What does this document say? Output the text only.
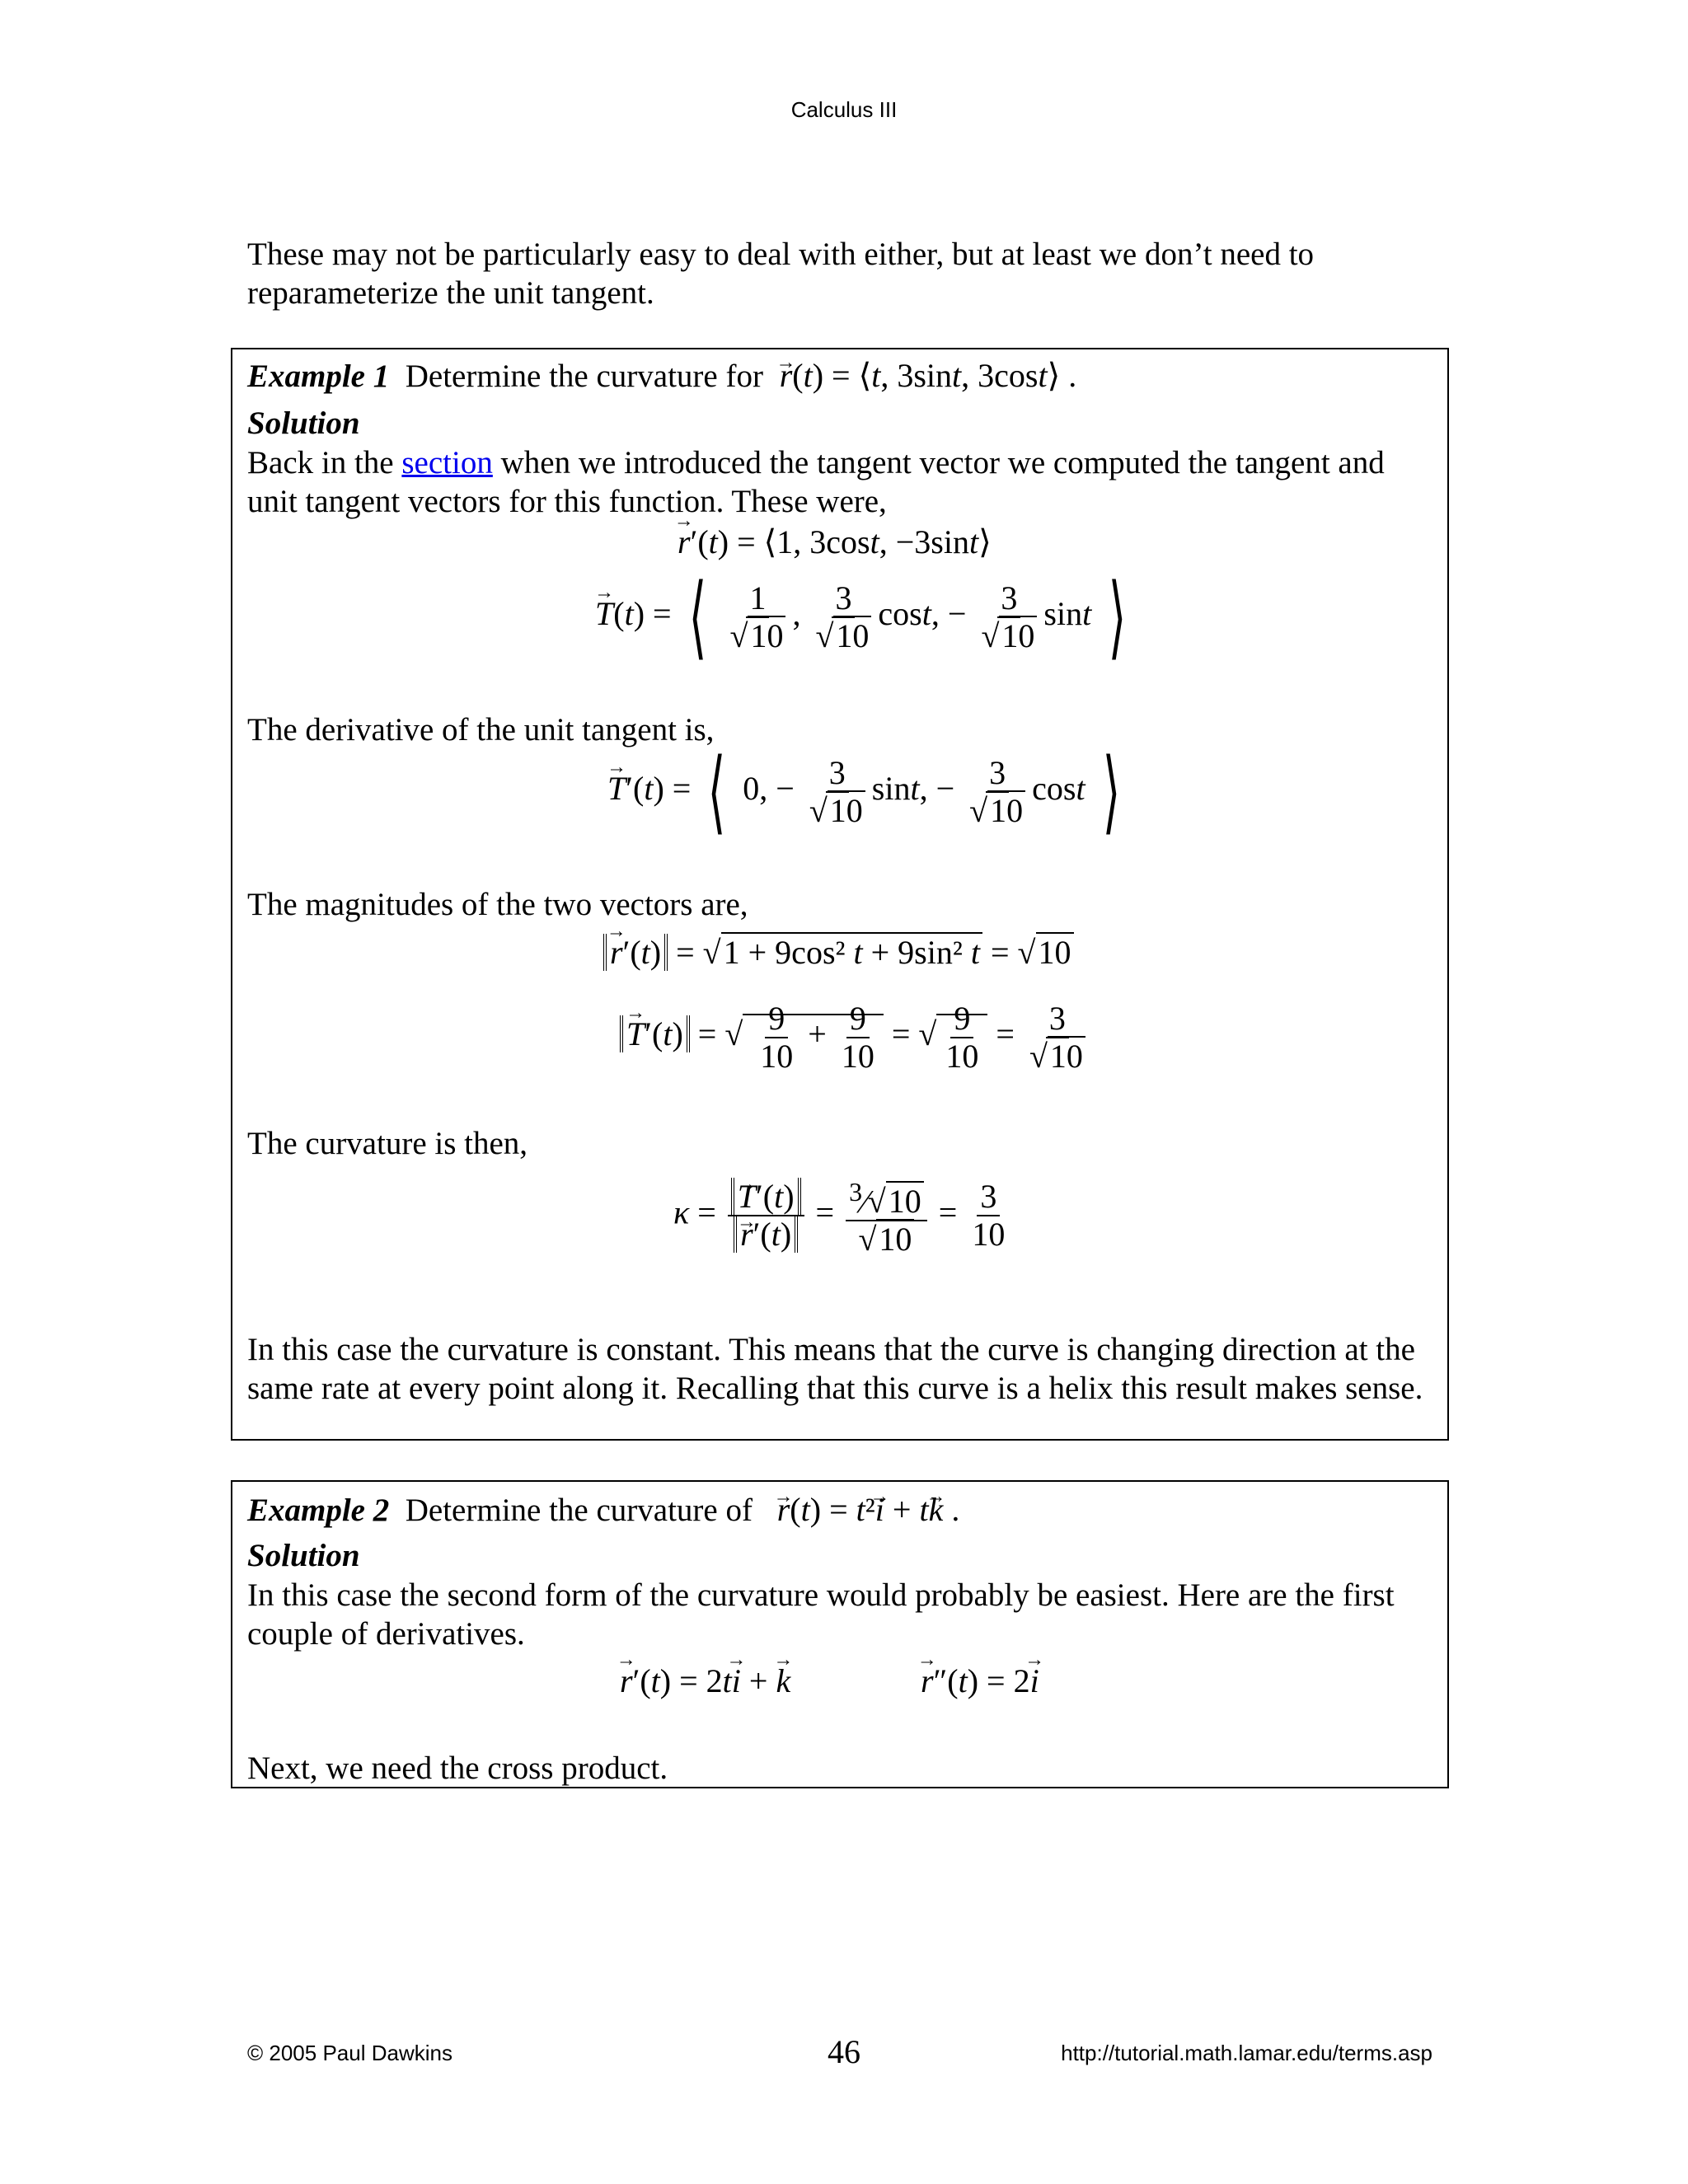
Calculus III
These may not be particularly easy to deal with either, but at least we don’t need to reparameterize the unit tangent.
Example 1 Determine the curvature for → r(t) = ⟨t, 3sint, 3cost⟩ .
Solution
Back in the section when we introduced the tangent vector we computed the tangent and unit tangent vectors for this function. These were,
→ r′(t) = ⟨1, 3cost, −3sint⟩
→ T(t) = ⟨ $\frac{1}{√10}$ , $\frac{3}{√10} \cos t$, − $\frac{3}{√10}$ sint ⟩
The derivative of the unit tangent is,
→ T′(t) = ⟨ 0, − $\frac{3}{√10} \sin t$, − $\frac{3}{√10}$ cost ⟩
The magnitudes of the two vectors are,
→ r′(t) = √1 + 9cos² t + 9sin² t = √10
→ T′(t) = √ $\frac{9}{10} + \frac{9}{10}$ = √ $\frac{9}{10} = \frac{3}{√10}$
The curvature is then,
κ = → T′(t)
→ $r'(t) = \frac{^3⁄√10}{√10} = \frac{3}{10}$
In this case the curvature is constant. This means that the curve is changing direction at the same rate at every point along it. Recalling that this curve is a helix this result makes sense.
Example 2 Determine the curvature of → r(t) = t²→ i + t→ k .
Solution
In this case the second form of the curvature would probably be easiest. Here are the first couple of derivatives.
→ r′(t) = 2t→ i + → k	→ r″(t) = 2→ i
Next, we need the cross product.
© 2005 Paul Dawkins	46	http://tutorial.math.lamar.edu/terms.asp
